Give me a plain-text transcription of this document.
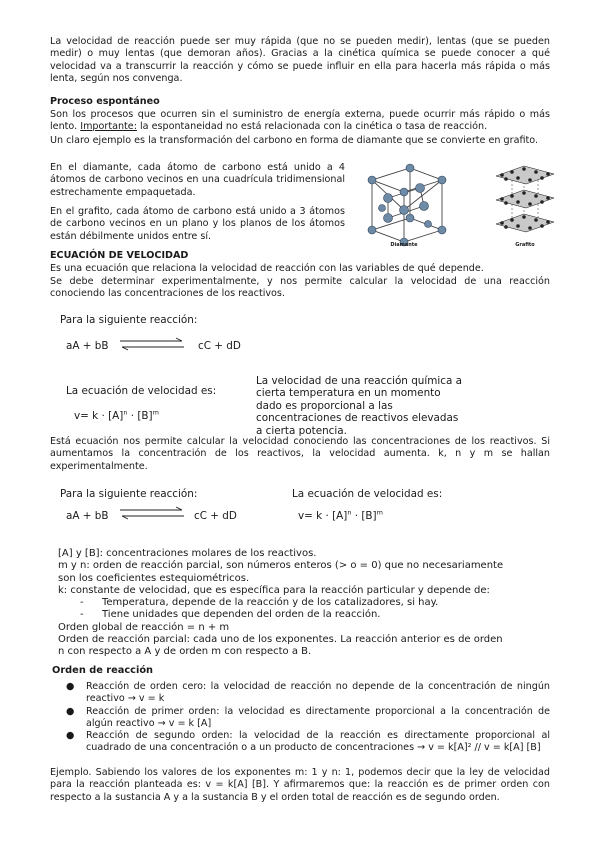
La velocidad de reacción puede ser muy rápida (que no se pueden medir), lentas (que se pueden medir) o muy lentas (que demoran años). Gracias a la cinética química se puede conocer a qué velocidad va a transcurrir la reacción y cómo se puede influir en ella para hacerla más rápida o más lenta, según nos convenga.

Proceso espontáneo

Son los procesos que ocurren sin el suministro de energía externa, puede ocurrir más rápido o más lento. Importante: la espontaneidad no está relacionada con la cinética o tasa de reacción.

Un claro ejemplo es la transformación del carbono en forma de diamante que se convierte en grafito.

En el diamante, cada átomo de carbono está unido a 4 átomos de carbono vecinos en una cuadrícula tridimensional estrechamente empaquetada.

En el grafito, cada átomo de carbono está unido a 3 átomos de carbono vecinos en un plano y los planos de los átomos están débilmente unidos entre sí.

Diamante	Grafito

ECUACIÓN DE VELOCIDAD

Es una ecuación que relaciona la velocidad de reacción con las variables de qué depende.

Se debe determinar experimentalmente, y nos permite calcular la velocidad de una reacción conociendo las concentraciones de los reactivos.

Para la siguiente reacción:

aA + bB	cC + dD

La ecuación de velocidad es:

$v= k \cdot [A]^n \cdot [B]^m$

La velocidad de una reacción química a cierta temperatura en un momento dado es proporcional a las concentraciones de reactivos elevadas a cierta potencia.

Está ecuación nos permite calcular la velocidad conociendo las concentraciones de los reactivos. Si aumentamos la concentración de los reactivos, la velocidad aumenta. k, n y m se hallan experimentalmente.

Para la siguiente reacción:

aA + bB	cC + dD

La ecuación de velocidad es:

$v= k \cdot [A]^n \cdot [B]^m$

[A] y [B]: concentraciones molares de los reactivos.
m y n: orden de reacción parcial, son números enteros (> o = 0) que no necesariamente son los coeficientes estequiométricos.
k: constante de velocidad, que es específica para la reacción particular y depende de:
- Temperatura, depende de la reacción y de los catalizadores, si hay.
- Tiene unidades que dependen del orden de la reacción.
Orden global de reacción = n + m
Orden de reacción parcial: cada uno de los exponentes. La reacción anterior es de orden n con respecto a A y de orden m con respecto a B.

Orden de reacción

● Reacción de orden cero: la velocidad de reacción no depende de la concentración de ningún reactivo → v = k
● Reacción de primer orden: la velocidad es directamente proporcional a la concentración de algún reactivo → v = k [A]
● Reacción de segundo orden: la velocidad de la reacción es directamente proporcional al cuadrado de una concentración o a un producto de concentraciones → v = k[A]² // v = k[A] [B]

Ejemplo. Sabiendo los valores de los exponentes m: 1 y n: 1, podemos decir que la ley de velocidad para la reacción planteada es: v = k[A] [B]. Y afirmaremos que: la reacción es de primer orden con respecto a la sustancia A y a la sustancia B y el orden total de reacción es de segundo orden.
